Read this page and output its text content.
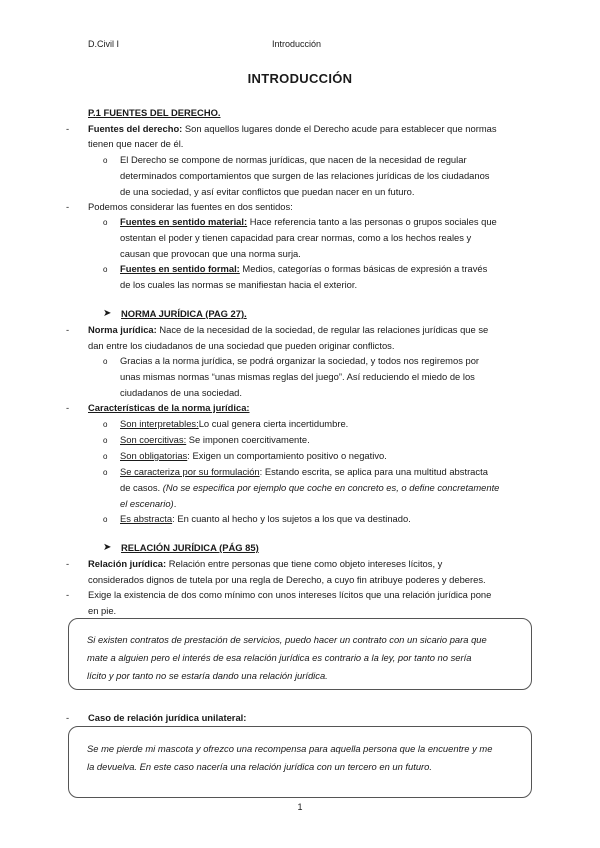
D.Civil I	Introducción
INTRODUCCIÓN
P.1 FUENTES DEL DERECHO.
- Fuentes del derecho: Son aquellos lugares donde el Derecho acude para establecer que normas
tienen que nacer de él.
o El Derecho se compone de normas jurídicas, que nacen de la necesidad de regular
determinados comportamientos que surgen de las relaciones jurídicas de los ciudadanos
de una sociedad, y así evitar conflictos que puedan nacer en un futuro.
- Podemos considerar las fuentes en dos sentidos:
o Fuentes en sentido material: Hace referencia tanto a las personas o grupos sociales que
ostentan el poder y tienen capacidad para crear normas, como a los hechos reales y
causan que provocan que una norma surja.
o Fuentes en sentido formal: Medios, categorías o formas básicas de expresión a través
de los cuales las normas se manifiestan hacia el exterior.
➤ NORMA JURÍDICA (PAG 27).
- Norma jurídica: Nace de la necesidad de la sociedad, de regular las relaciones jurídicas que se
dan entre los ciudadanos de una sociedad que pueden originar conflictos.
o Gracias a la norma jurídica, se podrá organizar la sociedad, y todos nos regiremos por
unas mismas normas “unas mismas reglas del juego”. Así reduciendo el miedo de los
ciudadanos de una sociedad.
- Características de la norma jurídica:
o Son interpretables:Lo cual genera cierta incertidumbre.
o Son coercitivas: Se imponen coercitivamente.
o Son obligatorias: Exigen un comportamiento positivo o negativo.
o Se caracteriza por su formulación: Estando escrita, se aplica para una multitud abstracta
de casos. (No se especifica por ejemplo que coche en concreto es, o define concretamente
el escenario).
o Es abstracta: En cuanto al hecho y los sujetos a los que va destinado.
➤ RELACIÓN JURÍDICA (PÁG 85)
- Relación jurídica: Relación entre personas que tiene como objeto intereses lícitos, y
considerados dignos de tutela por una regla de Derecho, a cuyo fin atribuye poderes y deberes.
- Exige la existencia de dos como mínimo con unos intereses lícitos que una relación jurídica pone
en pie.
Si existen contratos de prestación de servicios, puedo hacer un contrato con un sicario para que
mate a alguien pero el interés de esa relación jurídica es contrario a la ley, por tanto no sería
lícito y por tanto no se estaría dando una relación jurídica.
- Caso de relación jurídica unilateral:
Se me pierde mi mascota y ofrezco una recompensa para aquella persona que la encuentre y me
la devuelva. En este caso nacería una relación jurídica con un tercero en un futuro.
1
